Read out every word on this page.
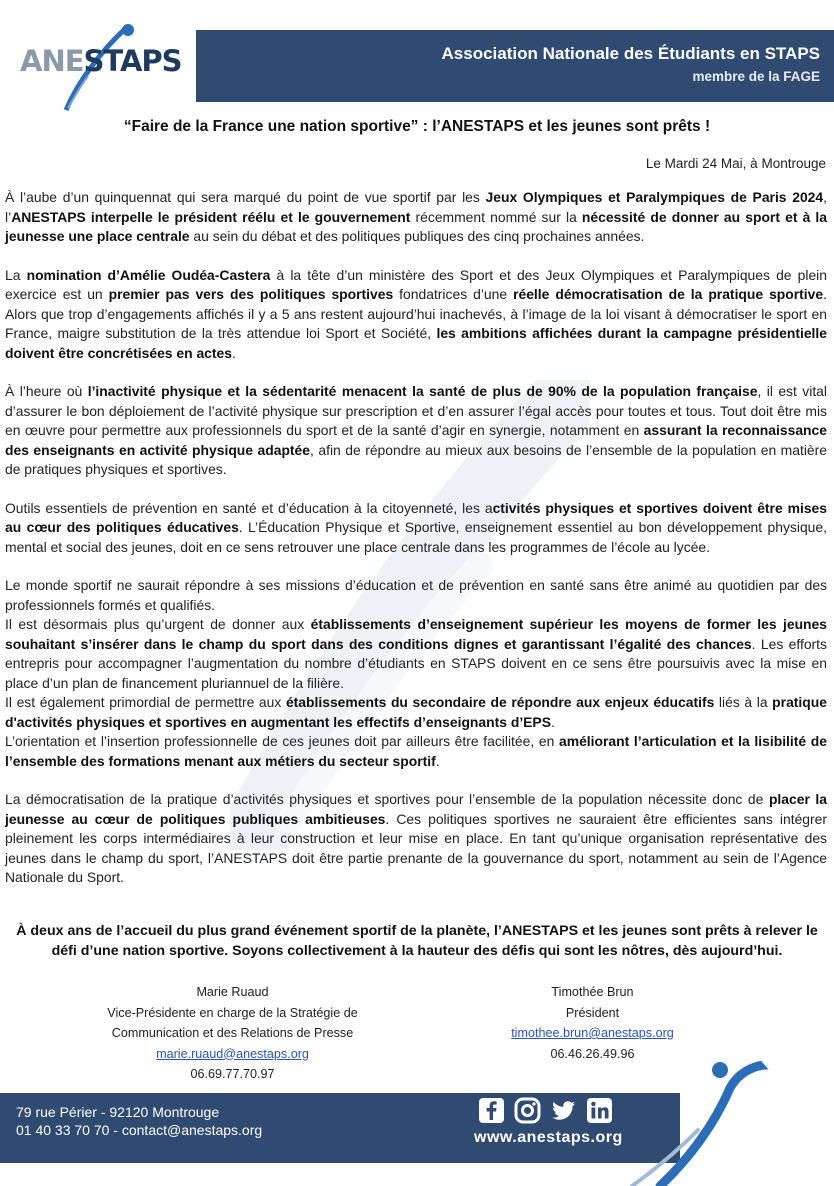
ANESTAPS	Association Nationale des Étudiants en STAPS
membre de la FAGE
“Faire de la France une nation sportive” : l’ANESTAPS et les jeunes sont prêts !
Le Mardi 24 Mai, à Montrouge

À l’aube d’un quinquennat qui sera marqué du point de vue sportif par les Jeux Olympiques et Paralympiques de Paris 2024, l’ANESTAPS interpelle le président réélu et le gouvernement récemment nommé sur la nécessité de donner au sport et à la jeunesse une place centrale au sein du débat et des politiques publiques des cinq prochaines années.

La nomination d’Amélie Oudéa-Castera à la tête d’un ministère des Sport et des Jeux Olympiques et Paralympiques de plein exercice est un premier pas vers des politiques sportives fondatrices d’une réelle démocratisation de la pratique sportive. Alors que trop d’engagements affichés il y a 5 ans restent aujourd’hui inachevés, à l’image de la loi visant à démocratiser le sport en France, maigre substitution de la très attendue loi Sport et Société, les ambitions affichées durant la campagne présidentielle doivent être concrétisées en actes.

À l’heure où l’inactivité physique et la sédentarité menacent la santé de plus de 90% de la population française, il est vital d’assurer le bon déploiement de l’activité physique sur prescription et d’en assurer l’égal accès pour toutes et tous. Tout doit être mis en œuvre pour permettre aux professionnels du sport et de la santé d’agir en synergie, notamment en assurant la reconnaissance des enseignants en activité physique adaptée, afin de répondre au mieux aux besoins de l’ensemble de la population en matière de pratiques physiques et sportives.

Outils essentiels de prévention en santé et d’éducation à la citoyenneté, les activités physiques et sportives doivent être mises au cœur des politiques éducatives. L’Éducation Physique et Sportive, enseignement essentiel au bon développement physique, mental et social des jeunes, doit en ce sens retrouver une place centrale dans les programmes de l’école au lycée.

Le monde sportif ne saurait répondre à ses missions d’éducation et de prévention en santé sans être animé au quotidien par des professionnels formés et qualifiés.

Il est désormais plus qu’urgent de donner aux établissements d’enseignement supérieur les moyens de former les jeunes souhaitant s’insérer dans le champ du sport dans des conditions dignes et garantissant l’égalité des chances. Les efforts entrepris pour accompagner l’augmentation du nombre d’étudiants en STAPS doivent en ce sens être poursuivis avec la mise en place d’un plan de financement pluriannuel de la filière.

Il est également primordial de permettre aux établissements du secondaire de répondre aux enjeux éducatifs liés à la pratique d'activités physiques et sportives en augmentant les effectifs d’enseignants d’EPS.

L’orientation et l’insertion professionnelle de ces jeunes doit par ailleurs être facilitée, en améliorant l’articulation et la lisibilité de l’ensemble des formations menant aux métiers du secteur sportif.

La démocratisation de la pratique d’activités physiques et sportives pour l’ensemble de la population nécessite donc de placer la jeunesse au cœur de politiques publiques ambitieuses. Ces politiques sportives ne sauraient être efficientes sans intégrer pleinement les corps intermédiaires à leur construction et leur mise en place. En tant qu’unique organisation représentative des jeunes dans le champ du sport, l’ANESTAPS doit être partie prenante de la gouvernance du sport, notamment au sein de l’Agence Nationale du Sport.

À deux ans de l’accueil du plus grand événement sportif de la planète, l’ANESTAPS et les jeunes sont prêts à relever le défi d’une nation sportive. Soyons collectivement à la hauteur des défis qui sont les nôtres, dès aujourd’hui.
Marie Ruaud
Vice-Présidente en charge de la Stratégie de
Communication et des Relations de Presse
marie.ruaud@anestaps.org
06.69.77.70.97
Timothée Brun
Président
timothee.brun@anestaps.org
06.46.26.49.96
79 rue Périer - 92120 Montrouge
01 40 33 70 70 - contact@anestaps.org	www.anestaps.org
